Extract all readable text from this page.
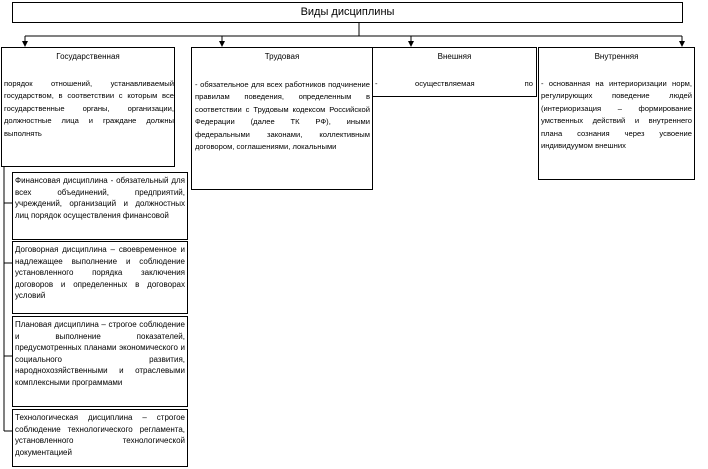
Виды дисциплины
Государственная
порядок отношений, устанавливаемый государством, в соответствии с которым все государственные органы, организации, должностные лица и граждане должны выполнять
Трудовая
- обязательное для всех работников подчинение правилам поведения, определенным в соответствии с Трудовым кодексом Российской Федерации (далее ТК РФ), иными федеральными законами, коллективным договором, соглашениями, локальными
Внешняя
-	осуществляемая	по
Внутренняя
- основанная на интериоризации норм, регулирующих поведение людей (интериоризация – формирование умственных действий и внутреннего плана сознания через усвоение индивидуумом внешних
Финансовая дисциплина - обязательный для всех объединений, предприятий, учреждений, организаций и должностных лиц порядок осуществления финансовой
Договорная дисциплина – своевременное и надлежащее выполнение и соблюдение установленного порядка заключения договоров и определенных в договорах условий
Плановая дисциплина – строгое соблюдение и выполнение показателей, предусмотренных планами экономического и социального развития, народнохозяйственными и отраслевыми комплексными программами
Технологическая дисциплина – строгое соблюдение технологического регламента, установленного технологической документацией
